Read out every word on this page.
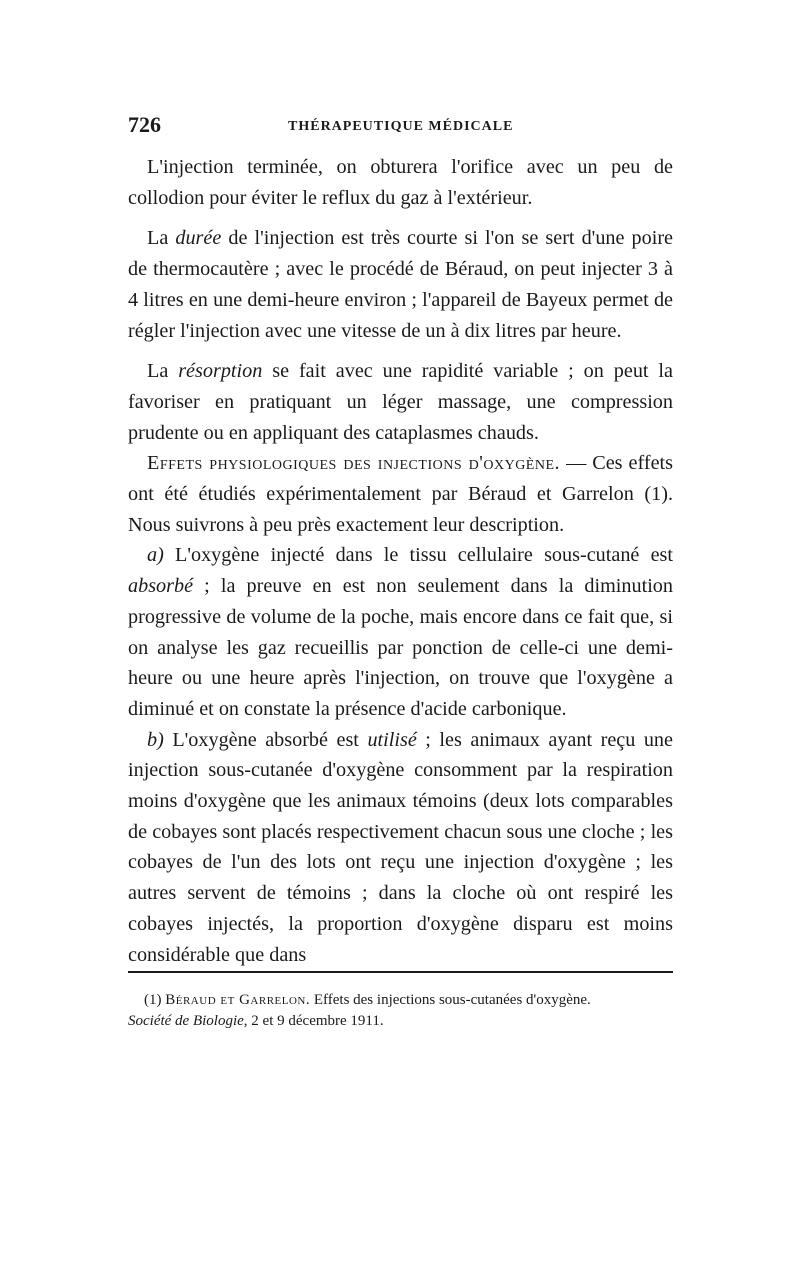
726	THÉRAPEUTIQUE MÉDICALE

L'injection terminée, on obturera l'orifice avec un peu de collodion pour éviter le reflux du gaz à l'extérieur.

La durée de l'injection est très courte si l'on se sert d'une poire de thermocautère ; avec le procédé de Béraud, on peut injecter 3 à 4 litres en une demi-heure environ ; l'appareil de Bayeux permet de régler l'injection avec une vitesse de un à dix litres par heure.

La résorption se fait avec une rapidité variable ; on peut la favoriser en pratiquant un léger massage, une compression prudente ou en appliquant des cataplasmes chauds.

Effets physiologiques des injections d'oxygène. — Ces effets ont été étudiés expérimentalement par Béraud et Garrelon (1). Nous suivrons à peu près exactement leur description.

a) L'oxygène injecté dans le tissu cellulaire sous-cutané est absorbé ; la preuve en est non seulement dans la diminution progressive de volume de la poche, mais encore dans ce fait que, si on analyse les gaz recueillis par ponction de celle-ci une demi-heure ou une heure après l'injection, on trouve que l'oxygène a diminué et on constate la présence d'acide carbonique.

b) L'oxygène absorbé est utilisé ; les animaux ayant reçu une injection sous-cutanée d'oxygène consomment par la respiration moins d'oxygène que les animaux témoins (deux lots comparables de cobayes sont placés respectivement chacun sous une cloche ; les cobayes de l'un des lots ont reçu une injection d'oxygène ; les autres servent de témoins ; dans la cloche où ont respiré les cobayes injectés, la proportion d'oxygène disparu est moins considérable que dans

(1) Béraud et Garrelon. Effets des injections sous-cutanées d'oxygène.
Société de Biologie, 2 et 9 décembre 1911.
